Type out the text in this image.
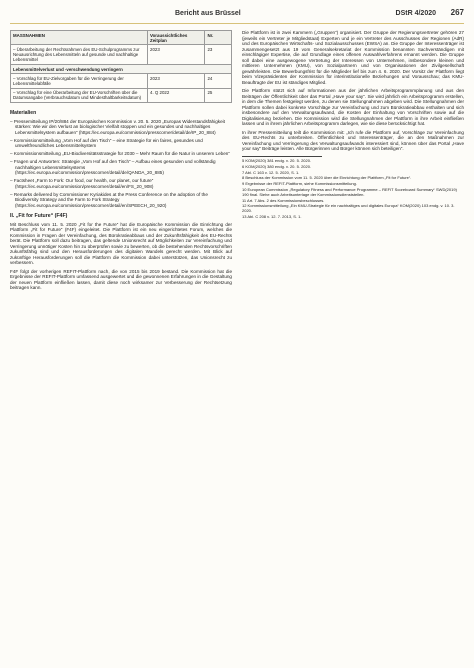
Bericht aus Brüssel	DStR 4/2020 267
MASSNAHMEN	Voraussichtliches Zeitplan	Nr.
– Überarbeitung der Rechtsrahmen des EU-Schulprogramms zur Neuausrichtung des Lebensmitteln auf gesunde und nachhaltige Lebensmittel	2023	23
Lebensmittelverlust und -verschwendung verringern		
– Vorschlag für EU-Zielvorgaben für die Verringerung der Lebensmittelabfälle	2023	24
– Vorschlag für eine Überarbeitung der EU-Vorschriften über die Datumsangabe (Verbrauchsdatum und Mindesthaltbarkeitsdatum)	4. Q 2022	25
Materialien
– Pressemitteilung IP/20/884 der Europäischen Kommission v. 20. 5. 2020 „Europas Widerstandsfähigkeit stärken: Wie wir den Verlust an biologischer Vielfalt stoppen und ein gesundes und nachhaltiges Lebensmittelsystem aufbauen“ (https://ec.europa.eu/commission/presscorner/detail/de/IP_20_884)
– Kommissionsmitteilung „Vom Hof auf den Tisch“ – eine Strategie für ein faires, gesundes und umweltfreundliches Lebensmittelsystem
– Kommissionsmitteilung „EU-Biodiversitätsstrategie für 2030 – Mehr Raum für die Natur in unserem Leben“
– Fragen und Antworten: Strategie „Vom Hof auf den Tisch“ – Aufbau eines gesunden und vollständig nachhaltigen Lebensmittelsystems (https://ec.europa.eu/commission/presscorner/detail/de/QANDA_20_885)
– Factsheet „Farm to Fork: Our food, our health, our planet, our future“ (https://ec.europa.eu/commission/presscorner/detail/en/FS_20_908)
– Remarks delivered by Commissioner Kyriakides at the Press Conference on the adoption of the Biodiversity Strategy and the Farm to Fork Strategy (https://ec.europa.eu/commission/presscorner/detail/en/SPEECH_20_920)
II. „Fit for Future“ (F4F)

Mit Beschluss vom 11. 5. 2020 „Fit for the Future“ hat die Europäische Kommission die Einrichtung der Plattform „Fit for Future“ (F4F) eingeleitet. Die Plattform ist ein neu eingerichtetes Forum, welches die Kommission in Fragen der Vereinfachung, des Bürokratieabbaus und der Zukunftsfähigkeit des EU-Rechts berät. Die Plattform soll dazu beitragen, das geltende Unionsrecht auf Möglichkeiten zur Vereinfachung und Verringerung unnötiger Kosten hin zu überprüfen sowie zu bewerten, ob die bestehenden Rechtsvorschriften zukunftsfähig sind und den Herausforderungen des digitalen Wandels gerecht werden. Mit Blick auf zukünftige Herausforderungen soll die Plattform die Kommission dabei unterstützen, das Unionsrecht zu verbessern.

F4F folgt der vorherigen REFIT-Plattform nach, die von 2015 bis 2019 bestand. Die Kommission hat die Ergebnisse der REFIT-Plattform umfassend ausgewertet und die gewonnenen Erfahrungen in die Gestaltung der neuen Plattform einfließen lassen, damit diese noch wirksamer zur Verbesserung der Rechtsetzung beitragen kann.

Die Plattform ist in zwei Kammern („Gruppen“) organisiert. Der Gruppe der Regierungsvertreter gehören 27 (jeweils ein Vertreter je Mitgliedstaat) Experten und je ein Vertreter des Ausschusses der Regionen (AdR) und des Europäischen Wirtschafts- und Sozialausschusses (EWSA) an. Die Gruppe der Interessenträger ist zusammengesetzt aus 19 vom Generalsekretariat der Kommission benannten Sachverständigen mit einschlägiger Expertise, die auf Grundlage eines offenen Auswahlverfahrens ernannt werden. Die Gruppe soll dabei eine ausgewogene Vertretung der Interessen von Unternehmen, insbesondere kleinen und mittleren Unternehmen (KMU), von Sozialpartnern und von Organisationen der Zivilgesellschaft gewährleisten. Die Bewerbungsfrist für die Mitglieder lief bis zum 4. 6. 2020. Der Vorsitz der Plattform liegt beim Vizepräsidenten der Kommission für interinstitutionelle Beziehungen und Vorausschau; das KMU-Beauftragte der EU ist ständiges Mitglied.

Die Plattform stützt sich auf Informationen aus der jährlichen Arbeitsprogrammplanung und aus den Beiträgen der Öffentlichkeit über das Portal „Have your say“. Sie wird jährlich ein Arbeitsprogramm erstellen, in dem die Themen festgelegt werden, zu denen sie Stellungnahmen abgeben wird. Die Stellungnahmen der Plattform sollen dabei konkrete Vorschläge zur Vereinfachung und zum Bürokratieabbau enthalten und sich insbesondere auf den Verwaltungsaufwand, die Kosten der Einhaltung von Vorschriften sowie auf die Digitalisierung beziehen. Die Kommission wird die Stellungnahmen der Plattform in ihre Arbeit einfließen lassen und in ihrem jährlichen Arbeitsprogramm darlegen, wie sie diese berücksichtigt hat.

In ihrer Pressemitteilung teilt die Kommission mit: „Ich rufe die Plattform auf, Vorschläge zur Vereinfachung des EU-Rechts zu unterbreiten. Öffentlichkeit und Interessenträger, die an den Maßnahmen zur Vereinfachung und Verringerung des Verwaltungsaufwands interessiert sind, können über das Portal „Have your say“ Beiträge leisten. Alle Bürgerinnen und Bürger können sich beteiligen“.

5 KOM(2020) 381 endg. v. 20. 5. 2020.
6 KOM(2020) 380 endg. v. 20. 5. 2020.
7 Abl. C 163 v. 12. 5. 2020, S. 1.
8 Beschluss der Kommission vom 11. 5. 2020 über die Einrichtung der Plattform „Fit for Future“.
9 Ergebnisse der REFIT-Plattform, siehe Kommissionsmitteilung.
10 European Commission „Regulatory Fitness and Performance Programme – REFIT Scoreboard Summary“ SWD(2019) 190 final. Siehe auch Arbeitsunterlage der Kommissionsdienststellen.
11 Art. 7 Abs. 2 des Kommissionsbeschlusses.
12 Kommissionsmitteilung „Ein KMU-Strategie für ein nachhaltiges und digitales Europa“ KOM(2020) 103 endg. v. 10. 3. 2020.
13 Abl. C 208 v. 12. 7. 2013, S. 1.
